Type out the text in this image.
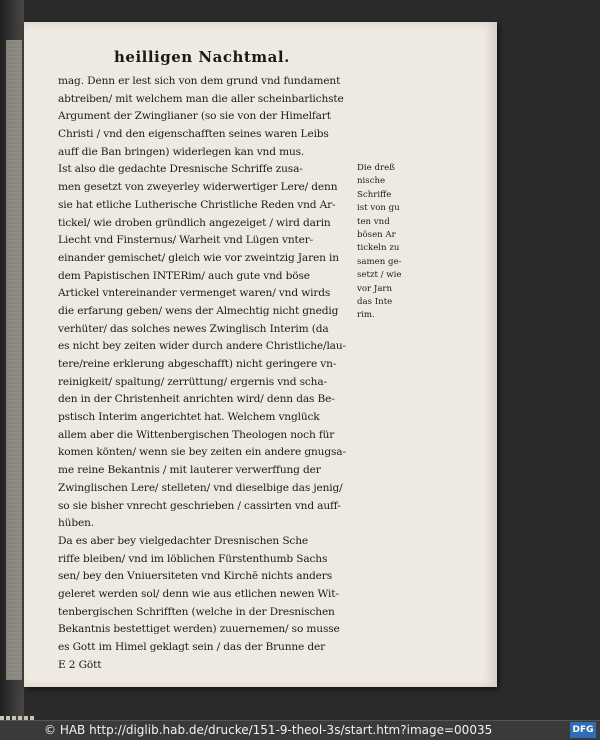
heilligen Nachtmal.
mag. Denn er lest sich von dem grund vnd fundament
abtreiben/ mit welchem man die aller scheinbarlichste
Argument der Zwinglianer (so sie von der Himelfart
Christi / vnd den eigenschafften seines waren Leibs
auff die Ban bringen) widerlegen kan vnd mus.
Ist also die gedachte Dresnische Schriffe zusa-
men gesetzt von zweyerley widerwertiger Lere/ denn
sie hat etliche Lutherische Christliche Reden vnd Ar-
tickel/ wie droben gründlich angezeiget / wird darin
Liecht vnd Finsternus/ Warheit vnd Lügen vnter-
einander gemischet/ gleich wie vor zweintzig Jaren in
dem Papistischen INTERim/ auch gute vnd böse
Artickel vntereinander vermenget waren/ vnd wirds
die erfarung geben/ wens der Almechtig nicht gnedig
verhüter/ das solches newes Zwinglisch Interim (da
es nicht bey zeiten wider durch andere Christliche/lau-
tere/reine erklerung abgeschafft) nicht geringere vn-
reinigkeit/ spaltung/ zerrüttung/ ergernis vnd scha-
den in der Christenheit anrichten wird/ denn das Be-
pstisch Interim angerichtet hat. Welchem vnglück
allem aber die Wittenbergischen Theologen noch für
komen könten/ wenn sie bey zeiten ein andere gnugsa-
me reine Bekantnis / mit lauterer verwerffung der
Zwinglischen Lere/ stelleten/ vnd dieselbige das jenig/
so sie bisher vnrecht geschrieben / cassirten vnd auff-
hüben.
Da es aber bey vielgedachter Dresnischen Sche
riffe bleiben/ vnd im löblichen Fürstenthumb Sachs
sen/ bey den Vniuersiteten vnd Kirchē nichts anders
geleret werden sol/ denn wie aus etlichen newen Wit-
tenbergischen Schrifften (welche in der Dresnischen
Bekantnis bestettiget werden) zuuernemen/ so musse
es Gott im Himel geklagt sein / das der Brunne der
E 2 Gött
Die dreß
nische
Schriffe
ist von gu
ten vnd
bösen Ar
tickeln zu
samen ge-
setzt / wie
vor Jarn
das Inte
rim.
© HAB http://diglib.hab.de/drucke/151-9-theol-3s/start.htm?image=00035	DFG
